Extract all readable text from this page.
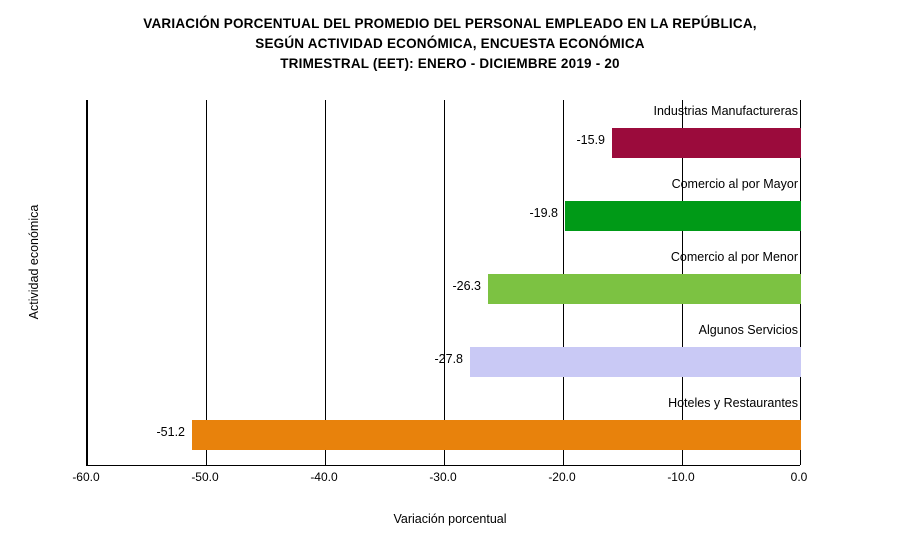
VARIACIÓN PORCENTUAL DEL PROMEDIO DEL PERSONAL EMPLEADO EN LA REPÚBLICA,
SEGÚN ACTIVIDAD ECONÓMICA, ENCUESTA ECONÓMICA
TRIMESTRAL (EET): ENERO - DICIEMBRE 2019 - 20
Industrias Manufactureras
-15.9
Comercio al por Mayor
-19.8
Comercio al por Menor
-26.3
Algunos Servicios
-27.8
Hoteles y Restaurantes
-51.2
-60.0	-50.0	-40.0	-30.0	-20.0	-10.0	0.0
Variación porcentual
Actividad económica
